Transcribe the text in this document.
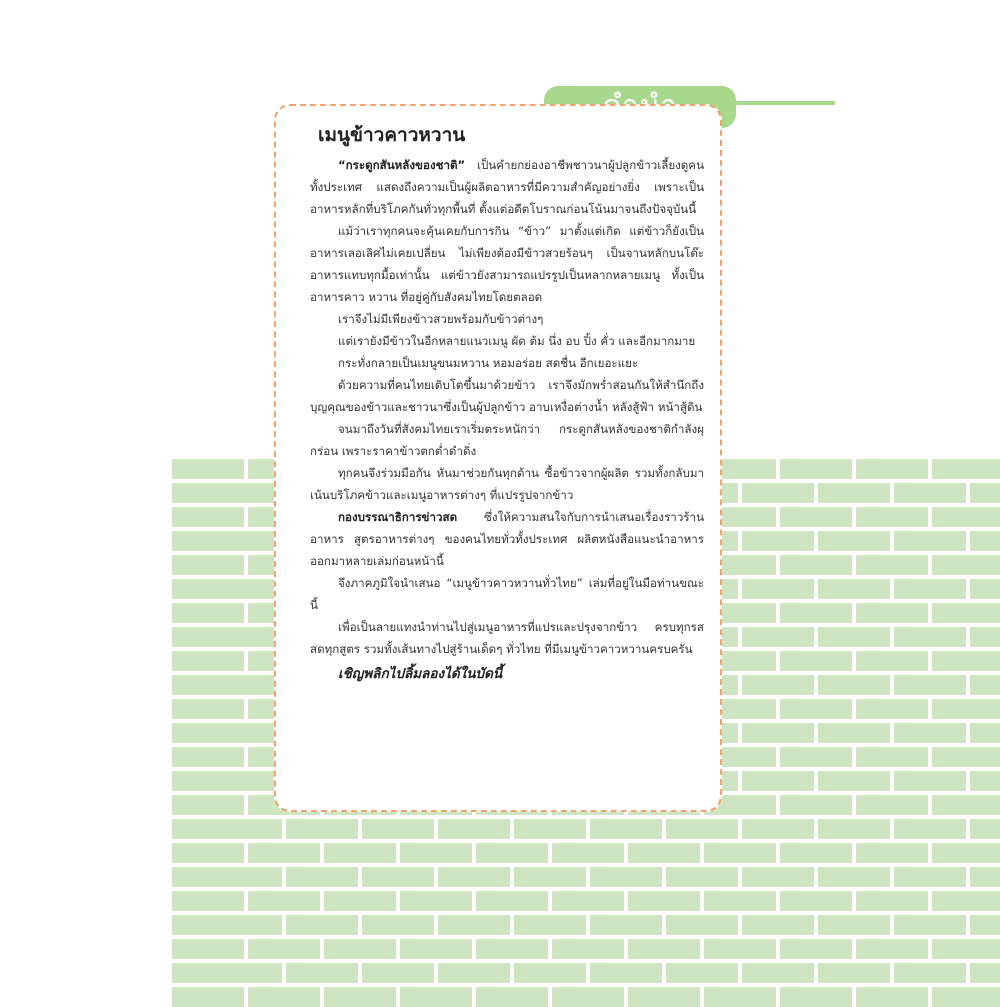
เมนูข้าวคาวหวาน

“กระดูกสันหลังของชาติ” เป็นคำยกย่องอาชีพชาวนาผู้ปลูกข้าวเลี้ยงดูคนทั้งประเทศ แสดงถึงความเป็นผู้ผลิตอาหารที่มีความสำคัญอย่างยิ่ง เพราะเป็นอาหารหลักที่บริโภคกันทั่วทุกพื้นที่ ตั้งแต่อดีตโบราณก่อนโน้นมาจนถึงปัจจุบันนี้

แม้ว่าเราทุกคนจะคุ้นเคยกับการกิน “ข้าว” มาตั้งแต่เกิด แต่ข้าวก็ยังเป็นอาหารเลอเลิศไม่เคยเปลี่ยน ไม่เพียงต้องมีข้าวสวยร้อนๆ เป็นจานหลักบนโต๊ะอาหารแทบทุกมื้อเท่านั้น แต่ข้าวยังสามารถแปรรูปเป็นหลากหลายเมนู ทั้งเป็นอาหารคาว หวาน ที่อยู่คู่กับสังคมไทยโดยตลอด

เราจึงไม่มีเพียงข้าวสวยพร้อมกับข้าวต่างๆ

แต่เรายังมีข้าวในอีกหลายแนวเมนู ผัด ต้ม นึ่ง อบ ปิ้ง คั่ว และอีกมากมาย

กระทั่งกลายเป็นเมนูขนมหวาน หอมอร่อย สดชื่น อีกเยอะแยะ

ด้วยความที่คนไทยเติบโตขึ้นมาด้วยข้าว เราจึงมักพร่ำสอนกันให้สำนึกถึงบุญคุณของข้าวและชาวนาซึ่งเป็นผู้ปลูกข้าว อาบเหงื่อต่างน้ำ หลังสู้ฟ้า หน้าสู้ดิน

จนมาถึงวันที่สังคมไทยเราเริ่มตระหนักว่า กระดูกสันหลังของชาติกำลังผุกร่อน เพราะราคาข้าวตกต่ำดำดิ่ง

ทุกคนจึงร่วมมือกัน หันมาช่วยกันทุกด้าน ซื้อข้าวจากผู้ผลิต รวมทั้งกลับมาเน้นบริโภคข้าวและเมนูอาหารต่างๆ ที่แปรรูปจากข้าว

กองบรรณาธิการข่าวสด ซึ่งให้ความสนใจกับการนำเสนอเรื่องราวร้านอาหาร สูตรอาหารต่างๆ ของคนไทยทั่วทั้งประเทศ ผลิตหนังสือแนะนำอาหารออกมาหลายเล่มก่อนหน้านี้

จึงภาคภูมิใจนำเสนอ “เมนูข้าวคาวหวานทั่วไทย” เล่มที่อยู่ในมือท่านขณะนี้

เพื่อเป็นลายแทงนำท่านไปสู่เมนูอาหารที่แปรและปรุงจากข้าว ครบทุกรส สดทุกสูตร รวมทั้งเส้นทางไปสู่ร้านเด็ดๆ ทั่วไทย ที่มีเมนูข้าวคาวหวานครบครัน

เชิญพลิกไปลิ้มลองได้ในบัดนี้
